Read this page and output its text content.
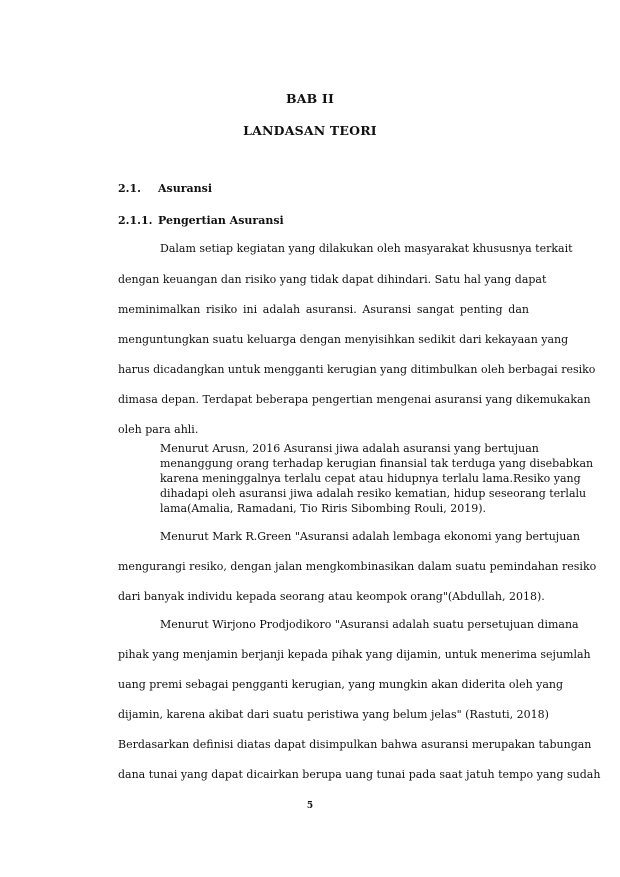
BAB II
LANDASAN TEORI
2.1. Asuransi
2.1.1. Pengertian Asuransi
Dalam setiap kegiatan yang dilakukan oleh masyarakat khususnya terkait
dengan keuangan dan risiko yang tidak dapat dihindari. Satu hal yang dapat
meminimalkan risiko ini adalah asuransi. Asuransi sangat penting dan
menguntungkan suatu keluarga dengan menyisihkan sedikit dari kekayaan yang
harus dicadangkan untuk mengganti kerugian yang ditimbulkan oleh berbagai resiko
dimasa depan. Terdapat beberapa pengertian mengenai asuransi yang dikemukakan
oleh para ahli.
Menurut Arusn, 2016 Asuransi jiwa adalah asuransi yang bertujuan
menanggung orang terhadap kerugian finansial tak terduga yang disebabkan
karena meninggalnya terlalu cepat atau hidupnya terlalu lama.Resiko yang
dihadapi oleh asuransi jiwa adalah resiko kematian, hidup seseorang terlalu
lama(Amalia, Ramadani, Tio Riris Sibombing Rouli, 2019).
Menurut Mark R.Green "Asuransi adalah lembaga ekonomi yang bertujuan
mengurangi resiko, dengan jalan mengkombinasikan dalam suatu pemindahan resiko
dari banyak individu kepada seorang atau keompok orang"(Abdullah, 2018).
Menurut Wirjono Prodjodikoro "Asuransi adalah suatu persetujuan dimana
pihak yang menjamin berjanji kepada pihak yang dijamin, untuk menerima sejumlah
uang premi sebagai pengganti kerugian, yang mungkin akan diderita oleh yang
dijamin, karena akibat dari suatu peristiwa yang belum jelas" (Rastuti, 2018)
Berdasarkan definisi diatas dapat disimpulkan bahwa asuransi merupakan tabungan
dana tunai yang dapat dicairkan berupa uang tunai pada saat jatuh tempo yang sudah
5
